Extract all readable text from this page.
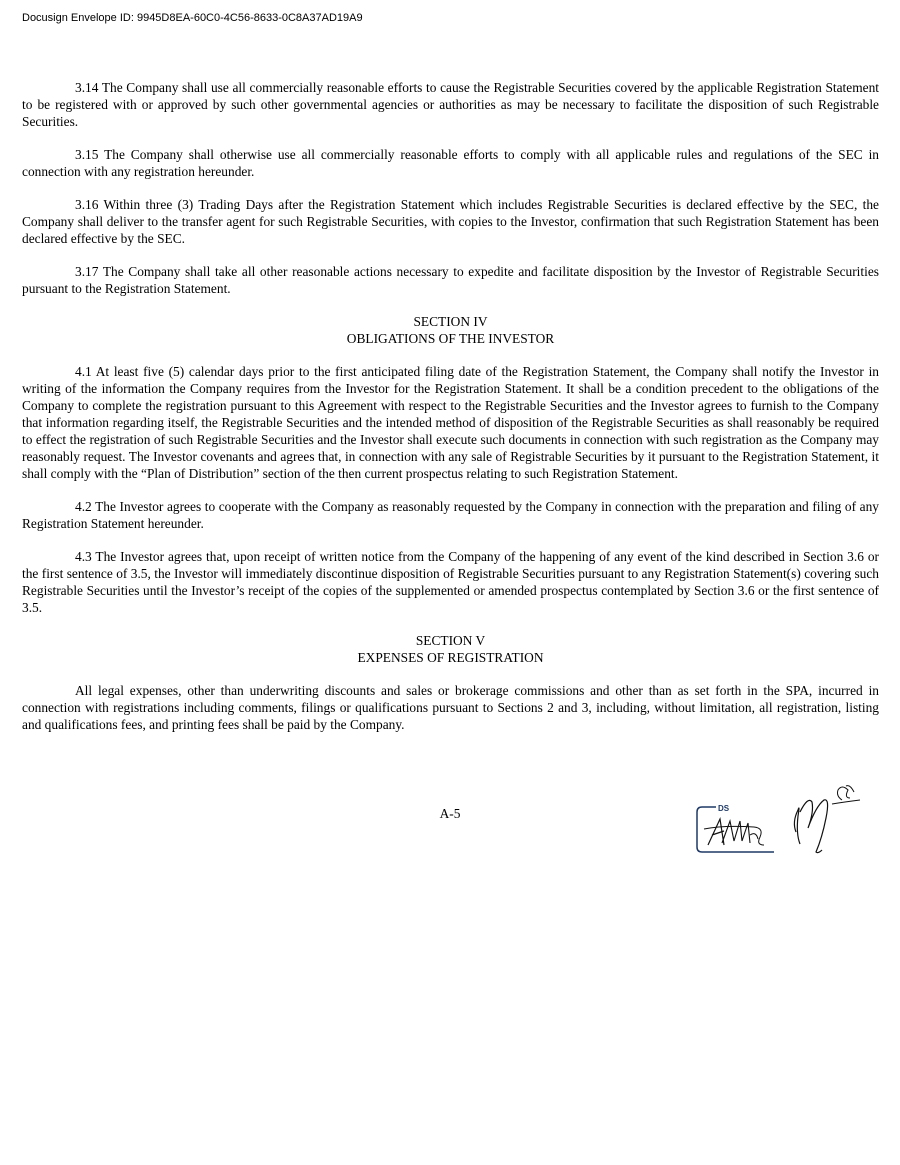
Docusign Envelope ID: 9945D8EA-60C0-4C56-8633-0C8A37AD19A9

3.14 The Company shall use all commercially reasonable efforts to cause the Registrable Securities covered by the applicable Registration Statement to be registered with or approved by such other governmental agencies or authorities as may be necessary to facilitate the disposition of such Registrable Securities.

3.15 The Company shall otherwise use all commercially reasonable efforts to comply with all applicable rules and regulations of the SEC in connection with any registration hereunder.

3.16 Within three (3) Trading Days after the Registration Statement which includes Registrable Securities is declared effective by the SEC, the Company shall deliver to the transfer agent for such Registrable Securities, with copies to the Investor, confirmation that such Registration Statement has been declared effective by the SEC.

3.17 The Company shall take all other reasonable actions necessary to expedite and facilitate disposition by the Investor of Registrable Securities pursuant to the Registration Statement.

SECTION IV
OBLIGATIONS OF THE INVESTOR

4.1 At least five (5) calendar days prior to the first anticipated filing date of the Registration Statement, the Company shall notify the Investor in writing of the information the Company requires from the Investor for the Registration Statement. It shall be a condition precedent to the obligations of the Company to complete the registration pursuant to this Agreement with respect to the Registrable Securities and the Investor agrees to furnish to the Company that information regarding itself, the Registrable Securities and the intended method of disposition of the Registrable Securities as shall reasonably be required to effect the registration of such Registrable Securities and the Investor shall execute such documents in connection with such registration as the Company may reasonably request. The Investor covenants and agrees that, in connection with any sale of Registrable Securities by it pursuant to the Registration Statement, it shall comply with the “Plan of Distribution” section of the then current prospectus relating to such Registration Statement.

4.2 The Investor agrees to cooperate with the Company as reasonably requested by the Company in connection with the preparation and filing of any Registration Statement hereunder.

4.3 The Investor agrees that, upon receipt of written notice from the Company of the happening of any event of the kind described in Section 3.6 or the first sentence of 3.5, the Investor will immediately discontinue disposition of Registrable Securities pursuant to any Registration Statement(s) covering such Registrable Securities until the Investor’s receipt of the copies of the supplemented or amended prospectus contemplated by Section 3.6 or the first sentence of 3.5.

SECTION V
EXPENSES OF REGISTRATION

All legal expenses, other than underwriting discounts and sales or brokerage commissions and other than as set forth in the SPA, incurred in connection with registrations including comments, filings or qualifications pursuant to Sections 2 and 3, including, without limitation, all registration, listing and qualifications fees, and printing fees shall be paid by the Company.

A-5	DS
